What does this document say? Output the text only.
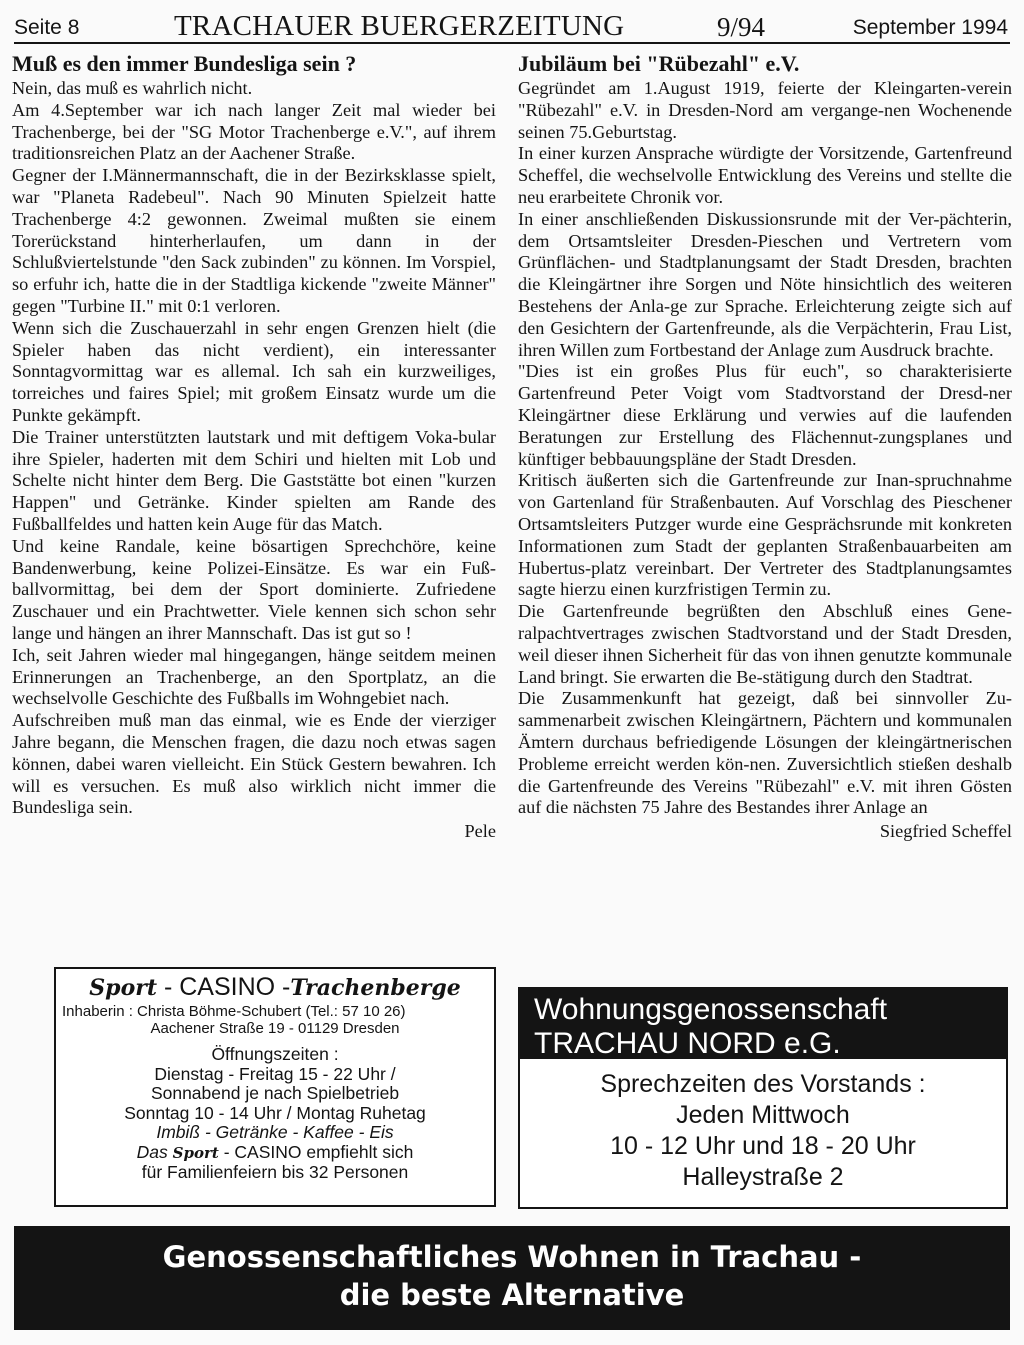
Seite 8	TRACHAUER BUERGERZEITUNG	9/94	September 1994
Muß es den immer Bundesliga sein ?

Nein, das muß es wahrlich nicht.

Am 4.September war ich nach langer Zeit mal wieder bei Trachenberge, bei der "SG Motor Trachenberge e.V.", auf ihrem traditionsreichen Platz an der Aachener Straße.

Gegner der I.Männermannschaft, die in der Bezirksklasse spielt, war "Planeta Radebeul". Nach 90 Minuten Spielzeit hatte Trachenberge 4:2 gewonnen. Zweimal mußten sie einem Torerückstand hinterherlaufen, um dann in der Schlußviertelstunde "den Sack zubinden" zu können. Im Vorspiel, so erfuhr ich, hatte die in der Stadtliga kickende "zweite Männer" gegen "Turbine II." mit 0:1 verloren.

Wenn sich die Zuschauerzahl in sehr engen Grenzen hielt (die Spieler haben das nicht verdient), ein interessanter Sonntagvormittag war es allemal. Ich sah ein kurzweiliges, torreiches und faires Spiel; mit großem Einsatz wurde um die Punkte gekämpft.

Die Trainer unterstützten lautstark und mit deftigem Voka-bular ihre Spieler, haderten mit dem Schiri und hielten mit Lob und Schelte nicht hinter dem Berg. Die Gaststätte bot einen "kurzen Happen" und Getränke. Kinder spielten am Rande des Fußballfeldes und hatten kein Auge für das Match.

Und keine Randale, keine bösartigen Sprechchöre, keine Bandenwerbung, keine Polizei-Einsätze. Es war ein Fuß-ballvormittag, bei dem der Sport dominierte. Zufriedene Zuschauer und ein Prachtwetter. Viele kennen sich schon sehr lange und hängen an ihrer Mannschaft. Das ist gut so !

Ich, seit Jahren wieder mal hingegangen, hänge seitdem meinen Erinnerungen an Trachenberge, an den Sportplatz, an die wechselvolle Geschichte des Fußballs im Wohngebiet nach.

Aufschreiben muß man das einmal, wie es Ende der vierziger Jahre begann, die Menschen fragen, die dazu noch etwas sagen können, dabei waren vielleicht. Ein Stück Gestern bewahren. Ich will es versuchen. Es muß also wirklich nicht immer die Bundesliga sein.

Pele
Jubiläum bei "Rübezahl" e.V.

Gegründet am 1.August 1919, feierte der Kleingarten-verein "Rübezahl" e.V. in Dresden-Nord am vergange-nen Wochenende seinen 75.Geburtstag.

In einer kurzen Ansprache würdigte der Vorsitzende, Gartenfreund Scheffel, die wechselvolle Entwicklung des Vereins und stellte die neu erarbeitete Chronik vor.

In einer anschließenden Diskussionsrunde mit der Ver-pächterin, dem Ortsamtsleiter Dresden-Pieschen und Vertretern vom Grünflächen- und Stadtplanungsamt der Stadt Dresden, brachten die Kleingärtner ihre Sorgen und Nöte hinsichtlich des weiteren Bestehens der Anla-ge zur Sprache. Erleichterung zeigte sich auf den Gesichtern der Gartenfreunde, als die Verpächterin, Frau List, ihren Willen zum Fortbestand der Anlage zum Ausdruck brachte.

"Dies ist ein großes Plus für euch", so charakterisierte Gartenfreund Peter Voigt vom Stadtvorstand der Dresd-ner Kleingärtner diese Erklärung und verwies auf die laufenden Beratungen zur Erstellung des Flächennut-zungsplanes und künftiger bebbauungspläne der Stadt Dresden.

Kritisch äußerten sich die Gartenfreunde zur Inan-spruchnahme von Gartenland für Straßenbauten. Auf Vorschlag des Pieschener Ortsamtsleiters Putzger wurde eine Gesprächsrunde mit konkreten Informationen zum Stadt der geplanten Straßenbauarbeiten am Hubertus-platz vereinbart. Der Vertreter des Stadtplanungsamtes sagte hierzu einen kurzfristigen Termin zu.

Die Gartenfreunde begrüßten den Abschluß eines Gene-ralpachtvertrages zwischen Stadtvorstand und der Stadt Dresden, weil dieser ihnen Sicherheit für das von ihnen genutzte kommunale Land bringt. Sie erwarten die Be-stätigung durch den Stadtrat.

Die Zusammenkunft hat gezeigt, daß bei sinnvoller Zu-sammenarbeit zwischen Kleingärtnern, Pächtern und kommunalen Ämtern durchaus befriedigende Lösungen der kleingärtnerischen Probleme erreicht werden kön-nen. Zuversichtlich stießen deshalb die Gartenfreunde des Vereins "Rübezahl" e.V. mit ihren Gösten auf die nächsten 75 Jahre des Bestandes ihrer Anlage an

Siegfried Scheffel
Sport - CASINO -Trachenberge
Inhaberin : Christa Böhme-Schubert (Tel.: 57 10 26)
Aachener Straße 19 - 01129 Dresden
Öffnungszeiten :
Dienstag - Freitag 15 - 22 Uhr /
Sonnabend je nach Spielbetrieb
Sonntag 10 - 14 Uhr / Montag Ruhetag
Imbiß - Getränke - Kaffee - Eis
Das Sport - CASINO empfiehlt sich
für Familienfeiern bis 32 Personen
Wohnungsgenossenschaft
TRACHAU NORD e.G.
Sprechzeiten des Vorstands :
Jeden Mittwoch
10 - 12 Uhr und 18 - 20 Uhr
Halleystraße 2
Genossenschaftliches Wohnen in Trachau -
die beste Alternative
